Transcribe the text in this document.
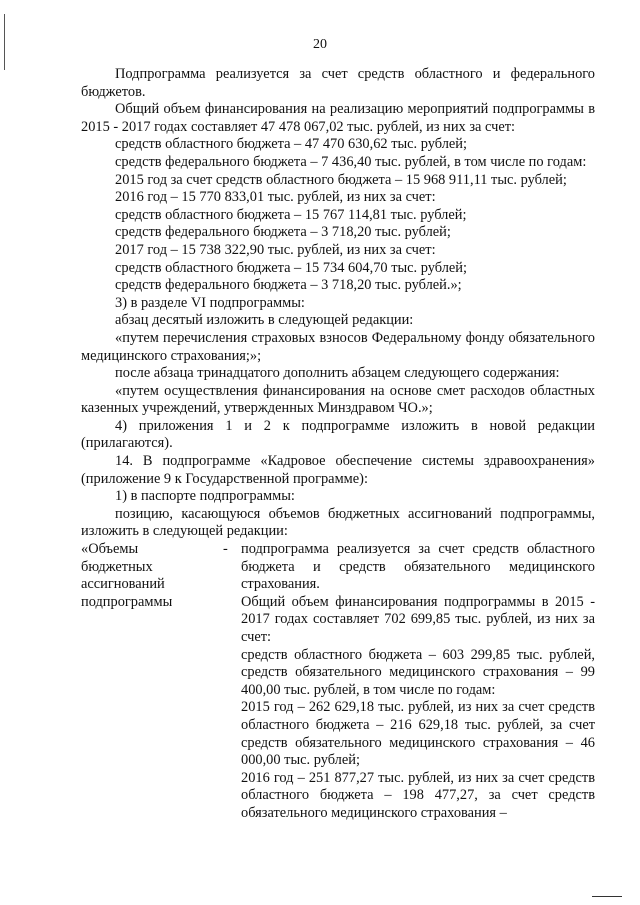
20

Подпрограмма реализуется за счет средств областного и федерального бюджетов.

Общий объем финансирования на реализацию мероприятий подпрограммы в 2015 - 2017 годах составляет 47 478 067,02 тыс. рублей, из них за счет:

средств областного бюджета – 47 470 630,62 тыс. рублей;

средств федерального бюджета – 7 436,40 тыс. рублей, в том числе по годам:

2015 год за счет средств областного бюджета – 15 968 911,11 тыс. рублей;

2016 год – 15 770 833,01 тыс. рублей, из них за счет:

средств областного бюджета – 15 767 114,81 тыс. рублей;

средств федерального бюджета – 3 718,20 тыс. рублей;

2017 год – 15 738 322,90 тыс. рублей, из них за счет:

средств областного бюджета – 15 734 604,70 тыс. рублей;

средств федерального бюджета – 3 718,20 тыс. рублей.»;

3) в разделе VI подпрограммы:

абзац десятый изложить в следующей редакции:

«путем перечисления страховых взносов Федеральному фонду обязательного медицинского страхования;»;

после абзаца тринадцатого дополнить абзацем следующего содержания:

«путем осуществления финансирования на основе смет расходов областных казенных учреждений, утвержденных Минздравом ЧО.»;

4) приложения 1 и 2 к подпрограмме изложить в новой редакции (прилагаются).

14. В подпрограмме «Кадровое обеспечение системы здравоохранения» (приложение 9 к Государственной программе):

1) в паспорте подпрограммы:

позицию, касающуюся объемов бюджетных ассигнований подпрограммы, изложить в следующей редакции:

«Объемы
бюджетных
ассигнований
подпрограммы
- подпрограмма реализуется за счет средств областного бюджета и средств обязательного медицинского страхования.

Общий объем финансирования подпрограммы в 2015 - 2017 годах составляет 702 699,85 тыс. рублей, из них за счет:

средств областного бюджета – 603 299,85 тыс. рублей, средств обязательного медицинского страхования – 99 400,00 тыс. рублей, в том числе по годам:

2015 год – 262 629,18 тыс. рублей, из них за счет средств областного бюджета – 216 629,18 тыс. рублей, за счет средств обязательного медицинского страхования – 46 000,00 тыс. рублей;

2016 год – 251 877,27 тыс. рублей, из них за счет средств областного бюджета – 198 477,27, за счет средств обязательного медицинского страхования –
